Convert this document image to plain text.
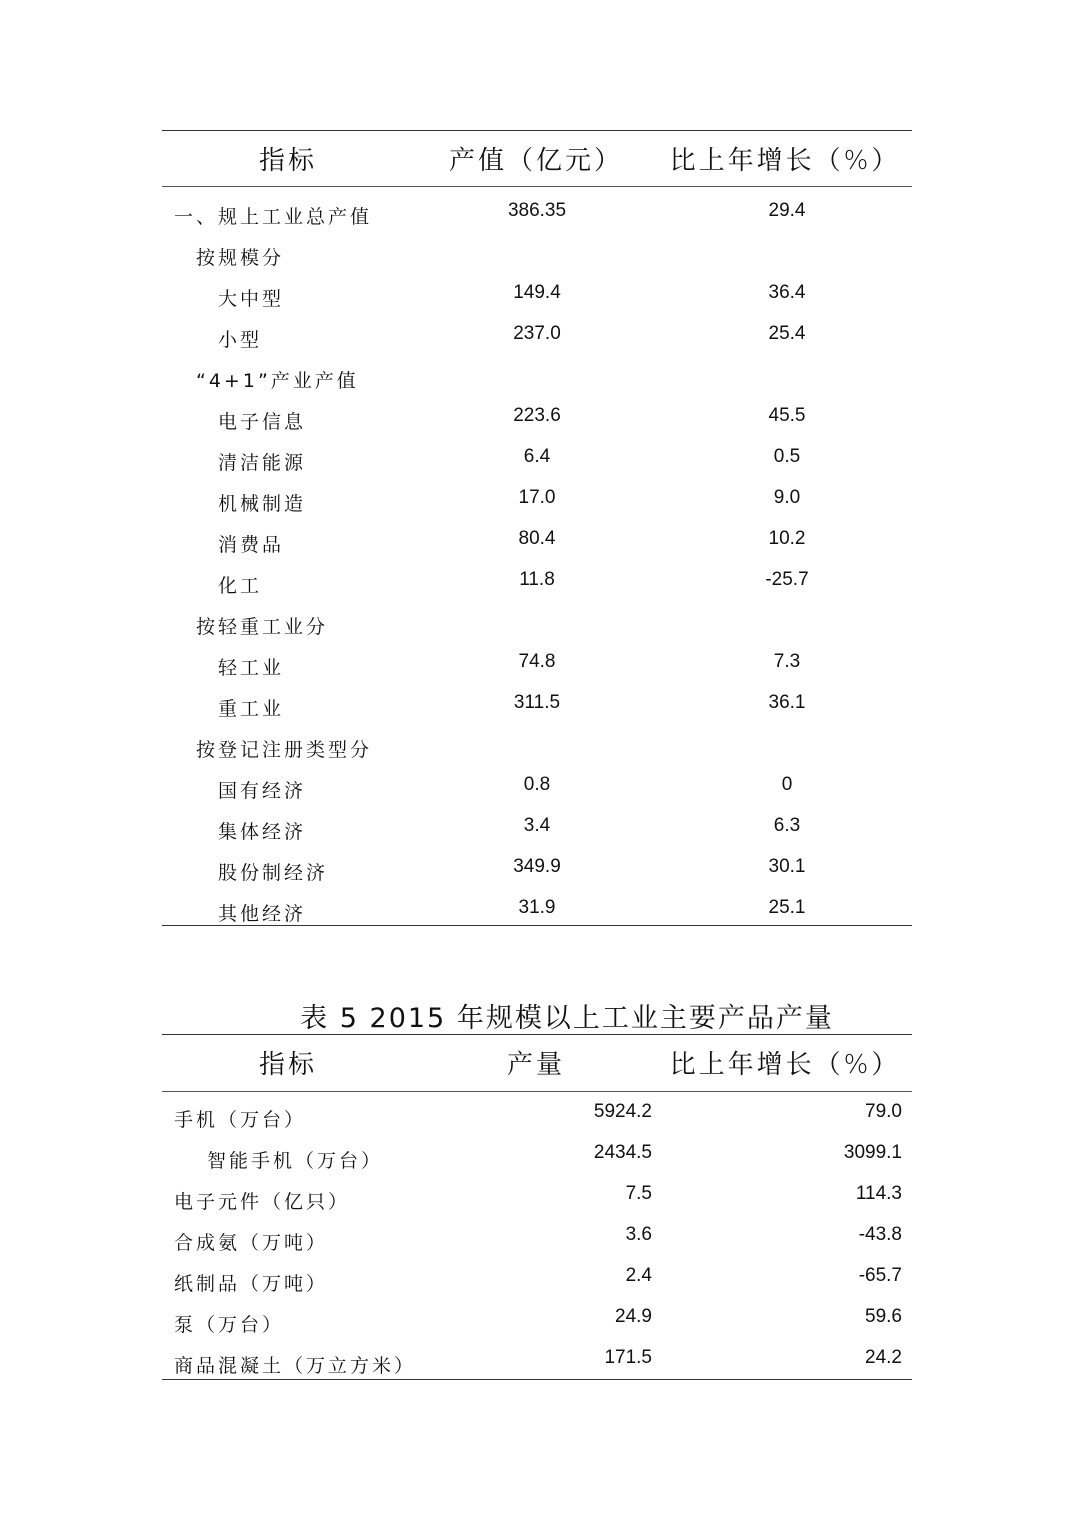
指标	产值（亿元） 比上年增长（%）
一、规上工业总产值	386.35	29.4
按规模分
大中型	149.4	36.4
小型	237.0	25.4
“4+1”产业产值
电子信息	223.6	45.5
清洁能源	6.4	0.5
机械制造	17.0	9.0
消费品	80.4	10.2
化工	11.8	-25.7
按轻重工业分
轻工业	74.8	7.3
重工业	311.5	36.1
按登记注册类型分
国有经济	0.8	0
集体经济	3.4	6.3
股份制经济	349.9	30.1
其他经济	31.9	25.1
表 5 2015 年规模以上工业主要产品产量
指标	产量	比上年增长（%）
手机（万台）	5924.2	79.0
智能手机（万台）	2434.5	3099.1
电子元件（亿只）	7.5	114.3
合成氨（万吨）	3.6	-43.8
纸制品（万吨）	2.4	-65.7
泵（万台）	24.9	59.6
商品混凝土（万立方米）	171.5	24.2
